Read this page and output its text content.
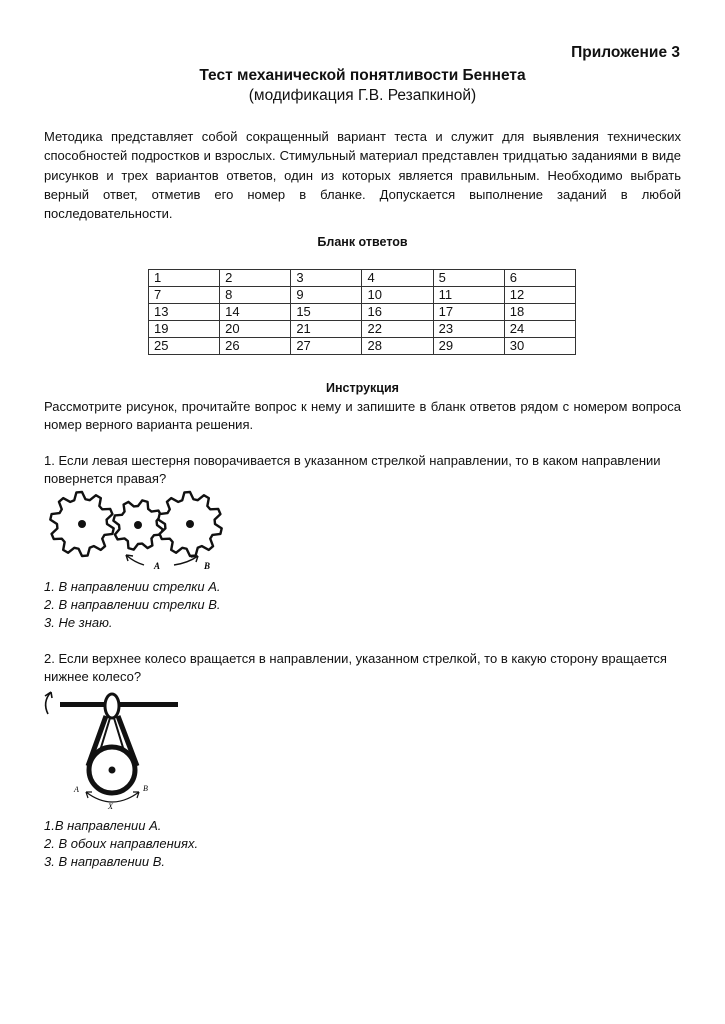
Приложение 3
Тест механической понятливости Беннета
(модификация Г.В. Резапкиной)

Методика представляет собой сокращенный вариант теста и служит для выявления технических способностей подростков и взрослых. Стимульный материал представлен тридцатью заданиями в виде рисунков и трех вариантов ответов, один из которых является правильным. Необходимо выбрать верный ответ, отметив его номер в бланке. Допускается выполнение заданий в любой последовательности.

Бланк ответов
1	2	3	4	5	6
7	8	9	10	11	12
13	14	15	16	17	18
19	20	21	22	23	24
25	26	27	28	29	30
Инструкция

Рассмотрите рисунок, прочитайте вопрос к нему и запишите в бланк ответов рядом с номером вопроса номер верного варианта решения.

1. Если левая шестерня поворачивается в указанном стрелкой направлении, то в каком направлении повернется правая?

A	B
1. В направлении стрелки А.
2. В направлении стрелки В.
3. Не знаю.

2. Если верхнее колесо вращается в направлении, указанном стрелкой, то в какую сторону вращается нижнее колесо?

A	B
X
1.В направлении А.
2. В обоих направлениях.
3. В направлении В.
